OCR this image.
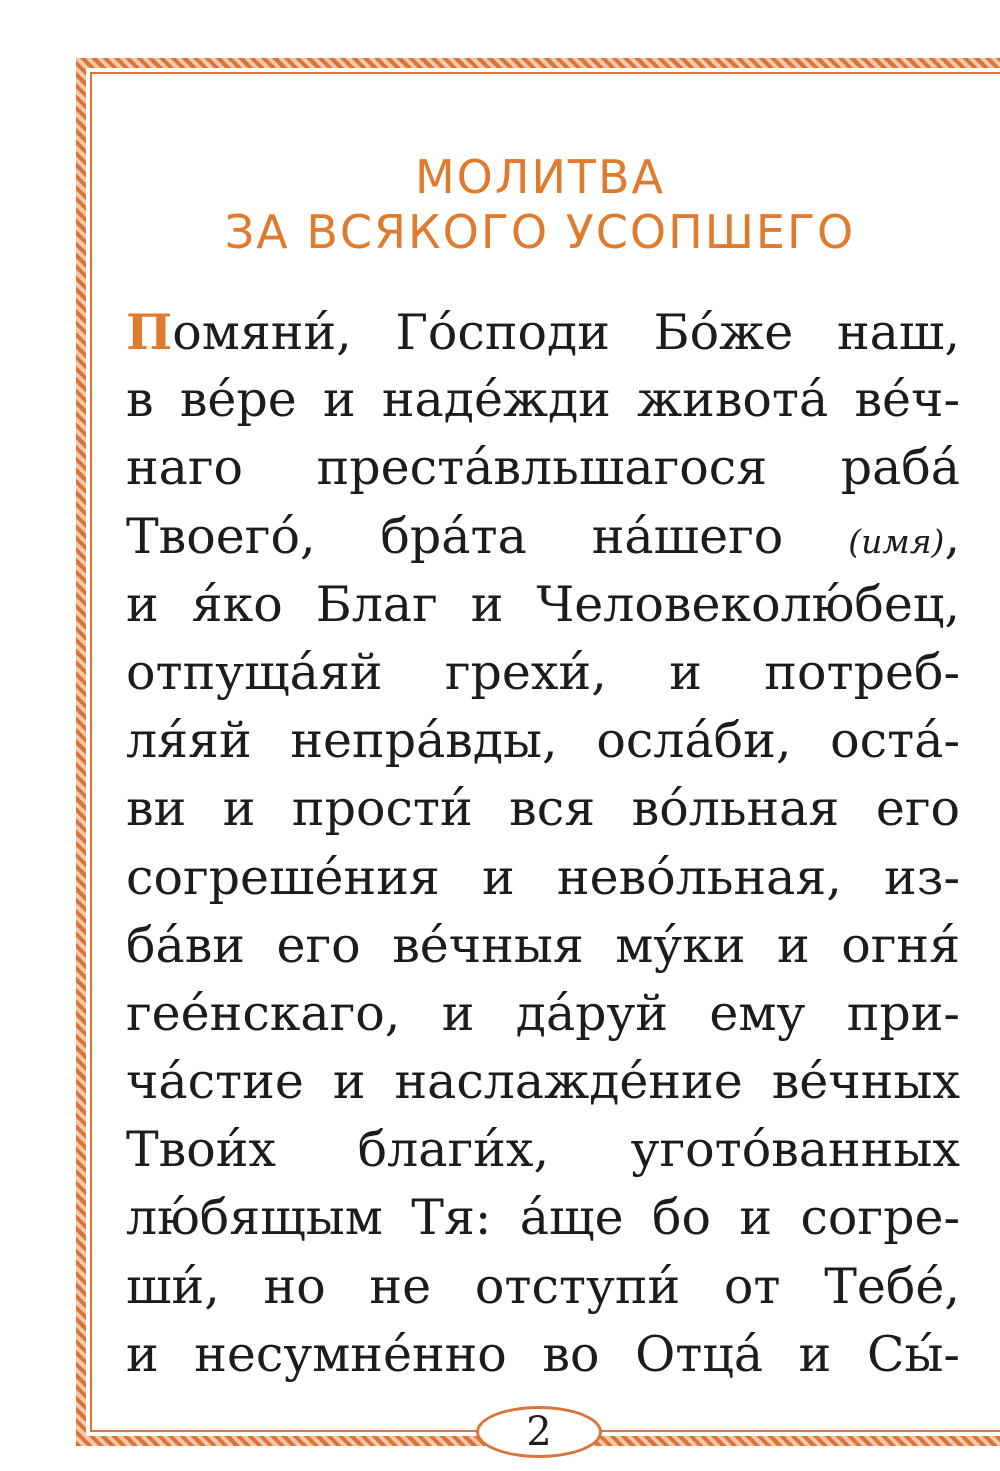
МОЛИТВА
ЗА ВСЯКОГО УСОПШЕГО
Помяни́, Го́споди Бо́же наш,
в ве́ре и наде́жди живота́ ве́ч-
наго преста́вльшагося раба́
Твоего́, бра́та на́шего (имя),
и я́ко Благ и Человеколю́бец,
отпуща́яй грехи́, и потреб-
ля́яй непра́вды, осла́би, оста́-
ви и прости́ вся во́льная его
согреше́ния и нево́льная, из-
ба́ви его ве́чныя му́ки и огня́
гее́нскаго, и да́руй ему при-
ча́стие и наслажде́ние ве́чных
Твои́х благи́х, угото́ванных
лю́бящым Тя: а́ще бо и согре-
ши́, но не отступи́ от Тебе́,
и несумне́нно во Отца́ и Сы́-
2
